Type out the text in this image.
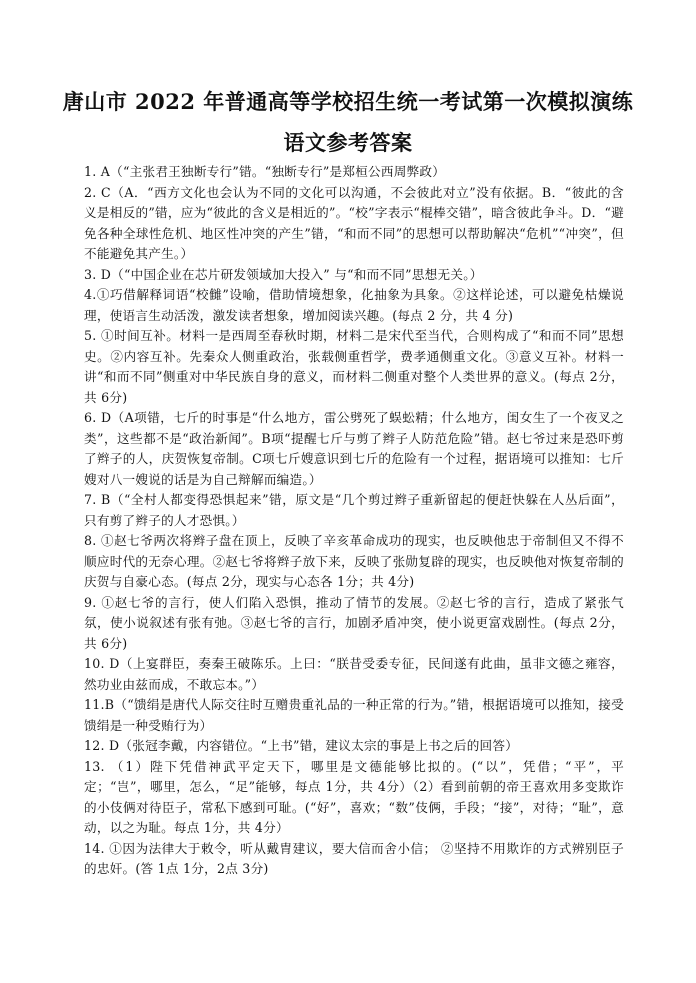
唐山市 2022 年普通高等学校招生统一考试第一次模拟演练
语文参考答案

1. A（“主张君王独断专行”错。“独断专行”是郑桓公西周弊政）

2. C（A．“西方文化也会认为不同的文化可以沟通，不会彼此对立”没有依据。B．“彼此的含义是相反的”错，应为“彼此的含义是相近的”。“校”字表示“棍棒交错”，暗含彼此争斗。D．“避免各种全球性危机、地区性冲突的产生”错，“和而不同”的思想可以帮助解决“危机”“冲突”，但不能避免其产生。）

3. D（“中国企业在芯片研发领域加大投入” 与“和而不同”思想无关。）

4.①巧借解释词语“校雠”设喻，借助情境想象，化抽象为具象。②这样论述，可以避免枯燥说理，使语言生动活泼，激发读者想象，增加阅读兴趣。(每点 2 分，共 4 分)

5. ①时间互补。材料一是西周至春秋时期，材料二是宋代至当代，合则构成了“和而不同”思想史。②内容互补。先秦众人侧重政治，张载侧重哲学，费孝通侧重文化。③意义互补。材料一讲“和而不同”侧重对中华民族自身的意义，而材料二侧重对整个人类世界的意义。(每点 2分，共 6分)

6. D（A项错，七斤的时事是“什么地方，雷公劈死了蜈蚣精；什么地方，闺女生了一个夜叉之类”，这些都不是“政治新闻”。B项“提醒七斤与剪了辫子人防范危险”错。赵七爷过来是恐吓剪了辫子的人，庆贺恢复帝制。C项七斤嫂意识到七斤的危险有一个过程，据语境可以推知：七斤嫂对八一嫂说的话是为自己辩解而编造。）

7. B（“全村人都变得恐惧起来”错，原文是“几个剪过辫子重新留起的便赶快躲在人丛后面”，只有剪了辫子的人才恐惧。）

8. ①赵七爷两次将辫子盘在顶上，反映了辛亥革命成功的现实，也反映他忠于帝制但又不得不顺应时代的无奈心理。②赵七爷将辫子放下来，反映了张勋复辟的现实，也反映他对恢复帝制的庆贺与自豪心态。(每点 2分，现实与心态各 1分；共 4分)

9. ①赵七爷的言行，使人们陷入恐惧，推动了情节的发展。②赵七爷的言行，造成了紧张气氛，使小说叙述有张有弛。③赵七爷的言行，加剧矛盾冲突，使小说更富戏剧性。(每点 2分，共 6分)

10. D（上宴群臣，奏秦王破陈乐。上曰：“朕昔受委专征，民间遂有此曲，虽非文德之雍容，然功业由兹而成，不敢忘本。”）

11.B（“馈绢是唐代人际交往时互赠贵重礼品的一种正常的行为。”错，根据语境可以推知，接受馈绢是一种受贿行为）

12. D（张冠李戴，内容错位。“上书”错，建议太宗的事是上书之后的回答）

13. （1）陛下凭借神武平定天下，哪里是文德能够比拟的。(“以”，凭借；“平”，平定；“岂”，哪里，怎么，“足”能够，每点 1分，共 4分）（2）看到前朝的帝王喜欢用多变欺诈的小伎俩对待臣子，常私下感到可耻。(“好”，喜欢；“数”伎俩，手段；“接”，对待；“耻”，意动，以之为耻。每点 1分，共 4分）

14. ①因为法律大于敕令，听从戴胄建议，要大信而舍小信； ②坚持不用欺诈的方式辨别臣子的忠奸。(答 1点 1分，2点 3分)
